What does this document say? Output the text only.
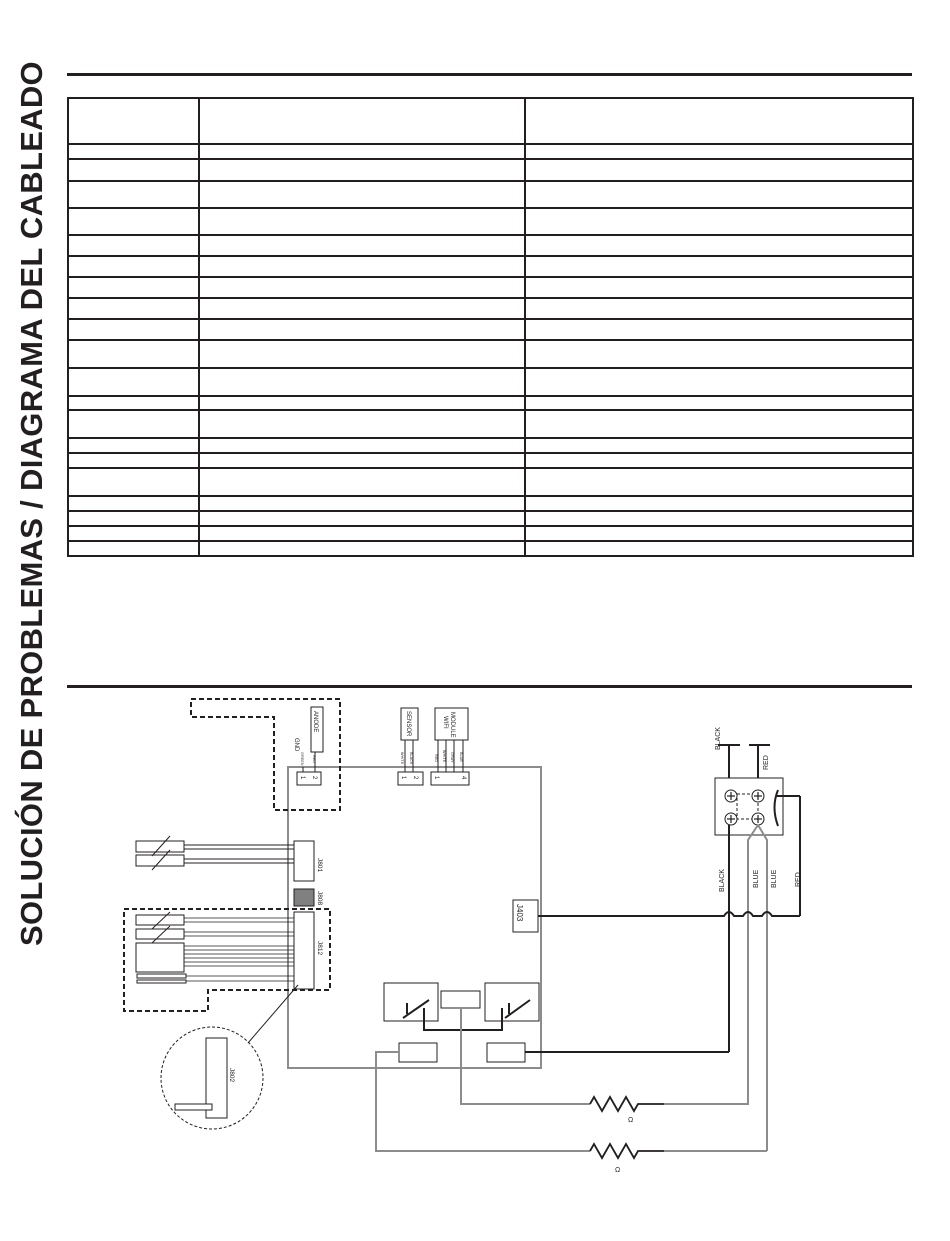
SOLUCIÓN DE PROBLEMAS / DIAGRAMA DEL CABLEADO

			GND
ANODE
GREEN RED
1 2
SENSOR
WHITE BLACK
1 2
WIFI MODULE
RED WHITE GRAY BLUE
1	4
J801
J808
J812
J802
J403
BLACK
RED
BLACK	BLUE BLUE RED
Ω
Ω
